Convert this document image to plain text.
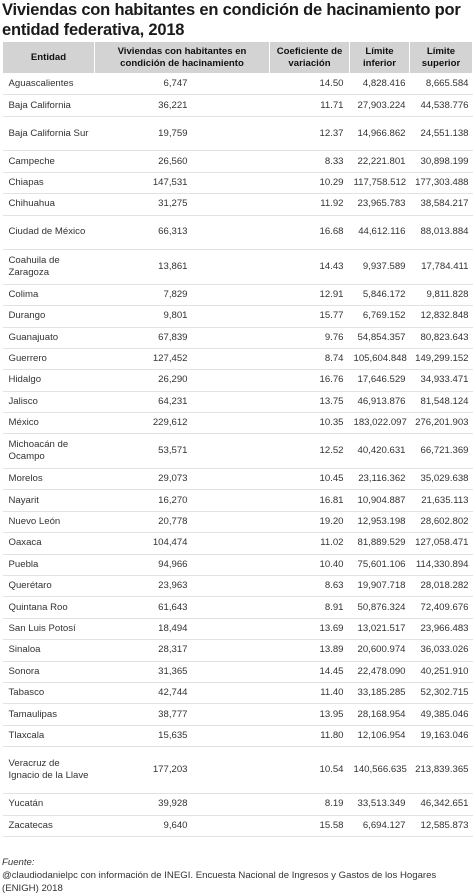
Viviendas con habitantes en condición de hacinamiento por entidad federativa, 2018
Entidad	Viviendas con habitantes en condición de hacinamiento	Coeficiente de variación	Límite inferior	Límite superior
Aguascalientes	6,747	14.50	4,828.416	8,665.584
Baja California	36,221	11.71	27,903.224	44,538.776
Baja California Sur	19,759	12.37	14,966.862	24,551.138
Campeche	26,560	8.33	22,221.801	30,898.199
Chiapas	147,531	10.29	117,758.512	177,303.488
Chihuahua	31,275	11.92	23,965.783	38,584.217
Ciudad de México	66,313	16.68	44,612.116	88,013.884
Coahuila de Zaragoza	13,861	14.43	9,937.589	17,784.411
Colima	7,829	12.91	5,846.172	9,811.828
Durango	9,801	15.77	6,769.152	12,832.848
Guanajuato	67,839	9.76	54,854.357	80,823.643
Guerrero	127,452	8.74	105,604.848	149,299.152
Hidalgo	26,290	16.76	17,646.529	34,933.471
Jalisco	64,231	13.75	46,913.876	81,548.124
México	229,612	10.35	183,022.097	276,201.903
Michoacán de Ocampo	53,571	12.52	40,420.631	66,721.369
Morelos	29,073	10.45	23,116.362	35,029.638
Nayarit	16,270	16.81	10,904.887	21,635.113
Nuevo León	20,778	19.20	12,953.198	28,602.802
Oaxaca	104,474	11.02	81,889.529	127,058.471
Puebla	94,966	10.40	75,601.106	114,330.894
Querétaro	23,963	8.63	19,907.718	28,018.282
Quintana Roo	61,643	8.91	50,876.324	72,409.676
San Luis Potosí	18,494	13.69	13,021.517	23,966.483
Sinaloa	28,317	13.89	20,600.974	36,033.026
Sonora	31,365	14.45	22,478.090	40,251.910
Tabasco	42,744	11.40	33,185.285	52,302.715
Tamaulipas	38,777	13.95	28,168.954	49,385.046
Tlaxcala	15,635	11.80	12,106.954	19,163.046
Veracruz de Ignacio de la Llave	177,203	10.54	140,566.635	213,839.365
Yucatán	39,928	8.19	33,513.349	46,342.651
Zacatecas	9,640	15.58	6,694.127	12,585.873
Fuente:
@claudiodanielpc con información de INEGI. Encuesta Nacional de Ingresos y Gastos de los Hogares (ENIGH) 2018
